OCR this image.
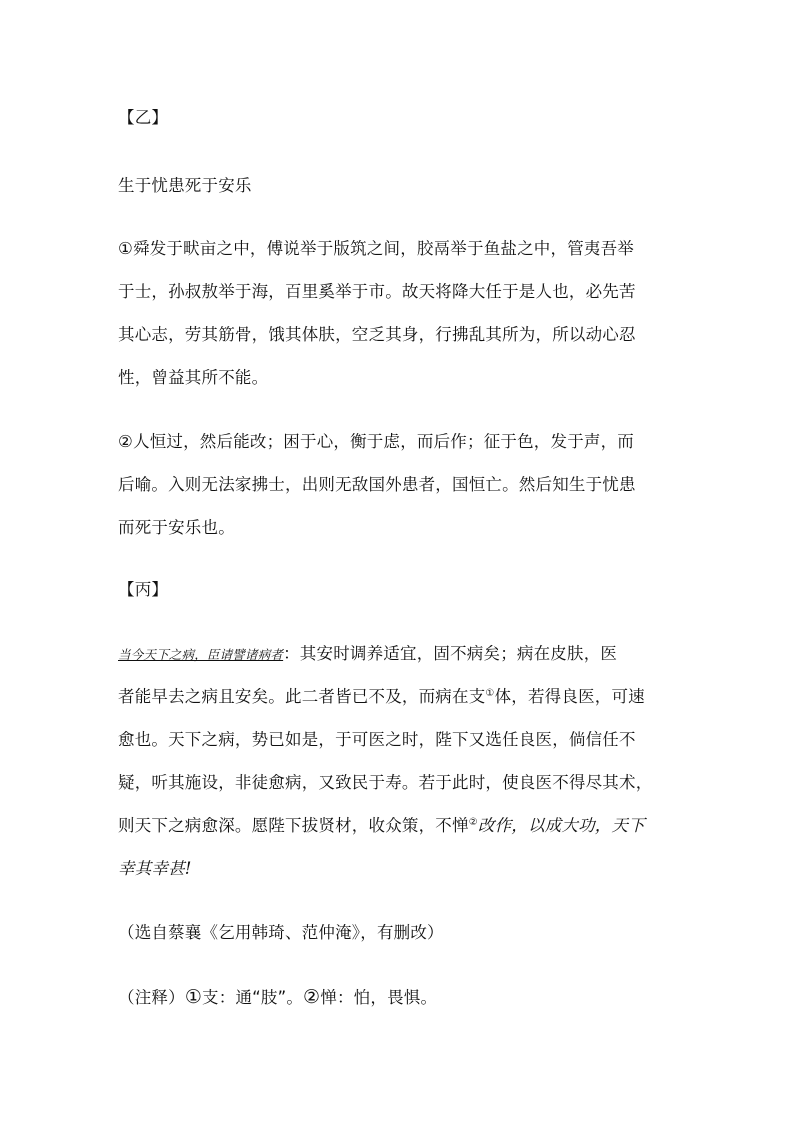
【乙】
生于忧患死于安乐
①舜发于畎亩之中，傅说举于版筑之间，胶鬲举于鱼盐之中，管夷吾举
于士，孙叔敖举于海，百里奚举于市。故天将降大任于是人也，必先苦
其心志，劳其筋骨，饿其体肤，空乏其身，行拂乱其所为，所以动心忍
性，曾益其所不能。
②人恒过，然后能改；困于心，衡于虑，而后作；征于色，发于声，而
后喻。入则无法家拂士，出则无敌国外患者，国恒亡。然后知生于忧患
而死于安乐也。
【丙】
当今天下之病，臣请譬诸病者：其安时调养适宜，固不病矣；病在皮肤，医
者能早去之病且安矣。此二者皆已不及，而病在支①体，若得良医，可速
愈也。天下之病，势已如是，于可医之时，陛下又选任良医，倘信任不
疑，听其施设，非徒愈病，又致民于寿。若于此时，使良医不得尽其术，
则天下之病愈深。愿陛下拔贤材，收众策，不惮②改作，以成大功，天下
幸其幸甚!
（选自蔡襄《乞用韩琦、范仲淹》，有删改）
（注释）①支：通“肢”。②惮：怕，畏惧。
